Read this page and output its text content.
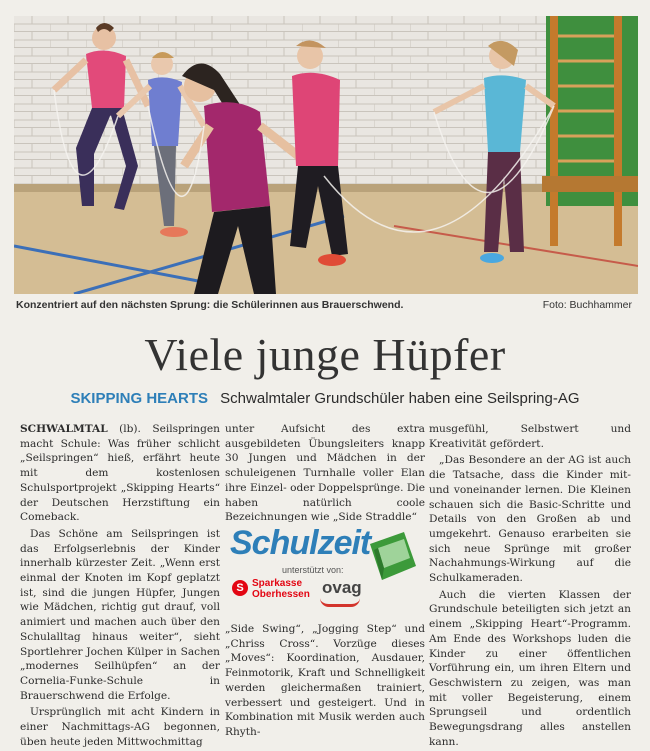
Konzentriert auf den nächsten Sprung: die Schülerinnen aus Brauerschwend.	Foto: Buchhammer
Viele junge Hüpfer
SKIPPING HEARTS Schwalmtaler Grundschüler haben eine Seilspring-AG

SCHWALMTAL (lb). Seilspringen macht Schule: Was früher schlicht „Seilspringen“ hieß, erfährt heute mit dem kostenlosen Schulsportprojekt „Skipping Hearts“ der Deutschen Herzstiftung ein Comeback.

Das Schöne am Seilspringen ist das Erfolgserlebnis der Kinder innerhalb kürzester Zeit. „Wenn erst einmal der Knoten im Kopf geplatzt ist, sind die jungen Hüpfer, Jungen wie Mädchen, richtig gut drauf, voll animiert und machen auch über den Schulalltag hinaus weiter“, sieht Sportlehrer Jochen Külper in Sachen „modernes Seilhüpfen“ an der Cornelia-Funke-Schule in Brauerschwend die Erfolge.

Ursprünglich mit acht Kindern in einer Nachmittags-AG begonnen, üben heute jeden Mittwochmittag

unter Aufsicht des extra ausgebildeten Übungsleiters knapp 30 Jungen und Mädchen in der schuleigenen Turnhalle voller Elan ihre Einzel- oder Doppelsprünge. Die haben natürlich coole Bezeichnungen wie „Side Straddle“

„Side Swing“, „Jogging Step“ und „Chriss Cross“. Vorzüge dieses „Moves“: Koordination, Ausdauer, Feinmotorik, Kraft und Schnelligkeit werden gleichermaßen trainiert, verbessert und gesteigert. Und in Kombination mit Musik werden auch Rhyth-

Schulzeit
unterstützt von:
S Sparkasse Oberhessen ovag

musgefühl, Selbstwert und Kreativität gefördert.

„Das Besondere an der AG ist auch die Tatsache, dass die Kinder mit- und voneinander lernen. Die Kleinen schauen sich die Basic-Schritte und Details von den Großen ab und umgekehrt. Genauso erarbeiten sie sich neue Sprünge mit großer Nachahmungs-Wirkung auf die Schulkameraden.

Auch die vierten Klassen der Grundschule beteiligten sich jetzt an einem „Skipping Heart“-Programm. Am Ende des Workshops luden die Kinder zu einer öffentlichen Vorführung ein, um ihren Eltern und Geschwistern zu zeigen, was man mit voller Begeisterung, einem Sprungseil und ordentlich Bewegungsdrang alles anstellen kann.
